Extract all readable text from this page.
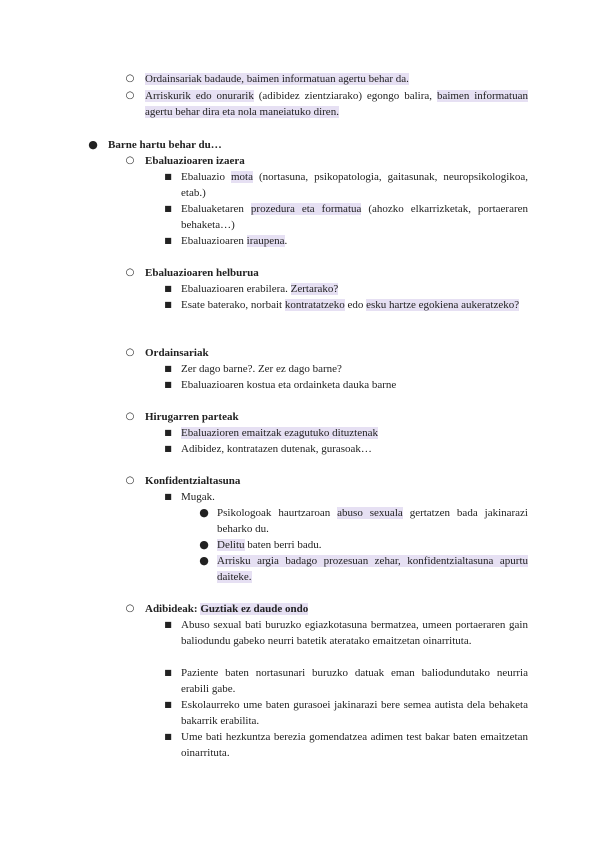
○ Ordainsariak badaude, baimen informatuan agertu behar da.
○ Arriskurik edo onurarik (adibidez zientziarako) egongo balira, baimen informatuan agertu behar dira eta nola maneiatuko diren.
● Barne hartu behar du…
○ Ebaluazioaren izaera
■ Ebaluazio mota (nortasuna, psikopatologia, gaitasunak, neuropsikologikoa, etab.)
■ Ebaluaketaren prozedura eta formatua (ahozko elkarrizketak, portaeraren behaketa…)
■ Ebaluazioaren iraupena.
○ Ebaluazioaren helburua
■ Ebaluazioaren erabilera. Zertarako?
■ Esate baterako, norbait kontratatzeko edo esku hartze egokiena aukeratzeko?
○ Ordainsariak
■ Zer dago barne?. Zer ez dago barne?
■ Ebaluazioaren kostua eta ordainketa dauka barne
○ Hirugarren parteak
■ Ebaluazioren emaitzak ezagutuko dituztenak
■ Adibidez, kontratazen dutenak, gurasoak…
○ Konfidentzialtasuna
■ Mugak.
● Psikologoak haurtzaroan abuso sexuala gertatzen bada jakinarazi beharko du.
● Delitu baten berri badu.
● Arrisku argia badago prozesuan zehar, konfidentzialtasuna apurtu daiteke.
○ Adibideak: Guztiak ez daude ondo
■ Abuso sexual bati buruzko egiazkotasuna bermatzea, umeen portaeraren gain baliodundu gabeko neurri batetik ateratako emaitzetan oinarrituta.
■ Paziente baten nortasunari buruzko datuak eman baliodundutako neurria erabili gabe.
■ Eskolaurreko ume baten gurasoei jakinarazi bere semea autista dela behaketa bakarrik erabilita.
■ Ume bati hezkuntza berezia gomendatzea adimen test bakar baten emaitzetan oinarrituta.
